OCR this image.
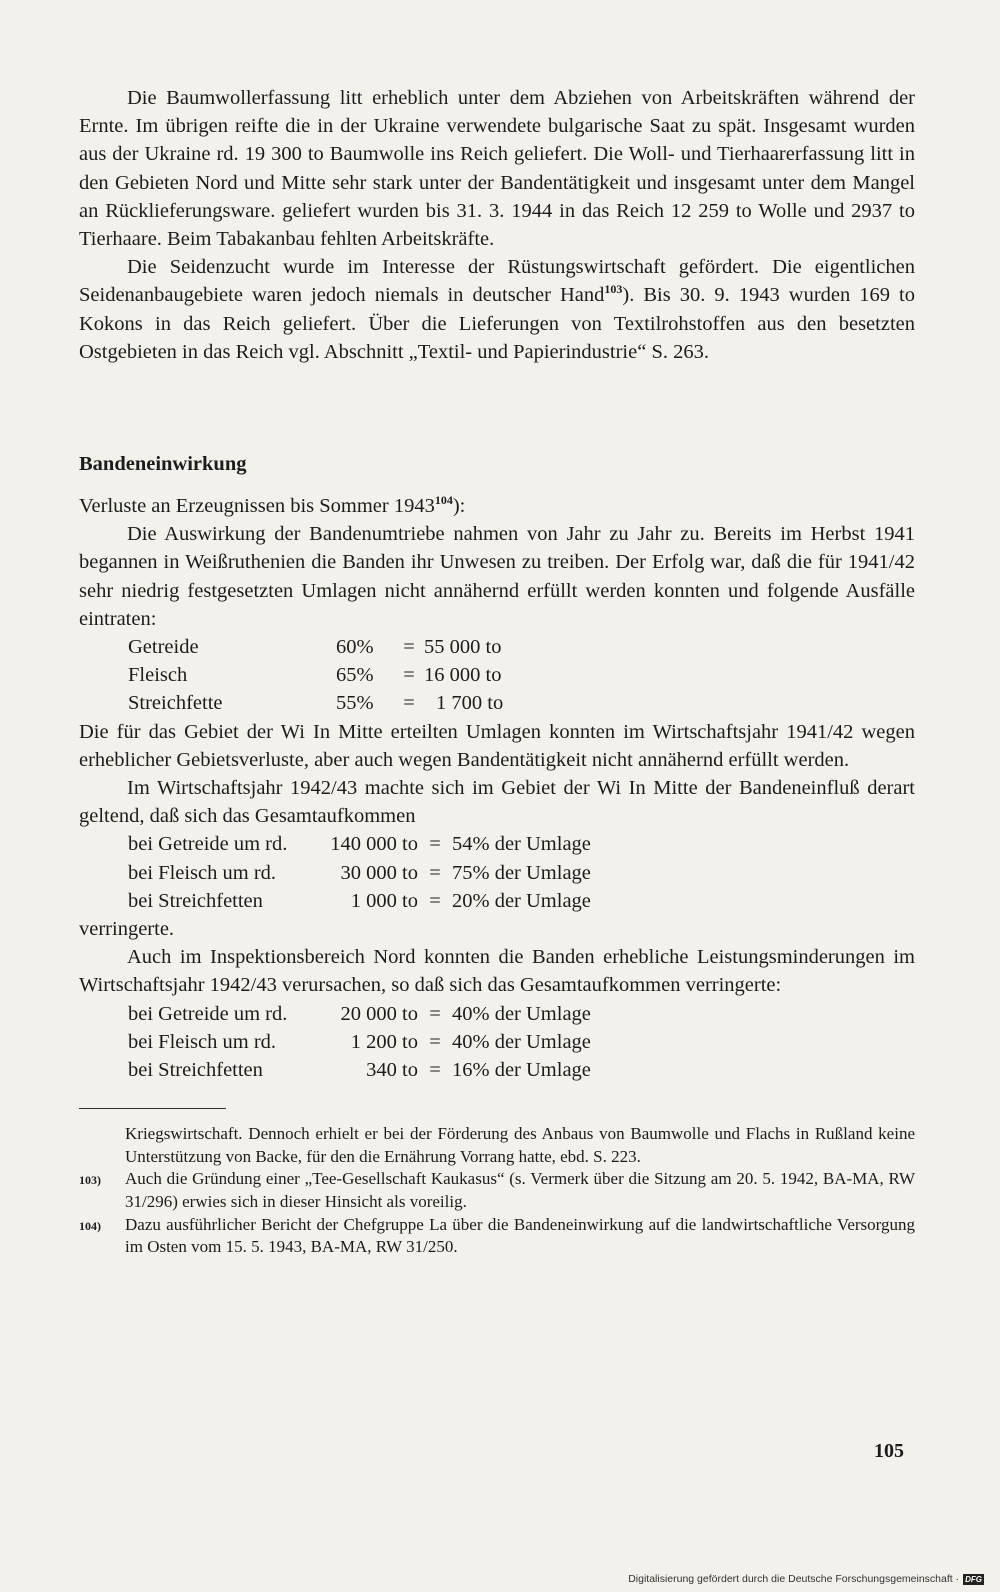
Die Baumwollerfassung litt erheblich unter dem Abziehen von Arbeitskräften während der Ernte. Im übrigen reifte die in der Ukraine verwendete bulgarische Saat zu spät. Insgesamt wurden aus der Ukraine rd. 19 300 to Baumwolle ins Reich geliefert. Die Woll- und Tierhaarerfassung litt in den Gebieten Nord und Mitte sehr stark unter der Bandentätigkeit und insgesamt unter dem Mangel an Rücklieferungsware. geliefert wurden bis 31. 3. 1944 in das Reich 12 259 to Wolle und 2937 to Tierhaare. Beim Tabakanbau fehlten Arbeitskräfte.

Die Seidenzucht wurde im Interesse der Rüstungswirtschaft gefördert. Die eigentlichen Seidenanbaugebiete waren jedoch niemals in deutscher Hand$^{103}$). Bis 30. 9. 1943 wurden 169 to Kokons in das Reich geliefert. Über die Lieferungen von Textilrohstoffen aus den besetzten Ostgebieten in das Reich vgl. Abschnitt „Textil- und Papierindustrie“ S. 263.

Bandeneinwirkung

Verluste an Erzeugnissen bis Sommer 1943$^{104}$):

Die Auswirkung der Bandenumtriebe nahmen von Jahr zu Jahr zu. Bereits im Herbst 1941 begannen in Weißruthenien die Banden ihr Unwesen zu treiben. Der Erfolg war, daß die für 1941/42 sehr niedrig festgesetzten Umlagen nicht annähernd erfüllt werden konnten und folgende Ausfälle eintraten:

Getreide	60%	= 55 000 to
Fleisch	65%	= 16 000 to
Streichfette	55%	=	1 700 to

Die für das Gebiet der Wi In Mitte erteilten Umlagen konnten im Wirtschaftsjahr 1941/42 wegen erheblicher Gebietsverluste, aber auch wegen Bandentätigkeit nicht annähernd erfüllt werden.

Im Wirtschaftsjahr 1942/43 machte sich im Gebiet der Wi In Mitte der Bandeneinfluß derart geltend, daß sich das Gesamtaufkommen

bei Getreide um rd.	140 000 to = 54% der Umlage
bei Fleisch um rd.	30 000 to = 75% der Umlage
bei Streichfetten	1 000 to = 20% der Umlage

verringerte.

Auch im Inspektionsbereich Nord konnten die Banden erhebliche Leistungsminderungen im Wirtschaftsjahr 1942/43 verursachen, so daß sich das Gesamtaufkommen verringerte:

bei Getreide um rd.	20 000 to = 40% der Umlage
bei Fleisch um rd.	1 200 to = 40% der Umlage
bei Streichfetten	340 to = 16% der Umlage
Kriegswirtschaft. Dennoch erhielt er bei der Förderung des Anbaus von Baumwolle und Flachs in Rußland keine Unterstützung von Backe, für den die Ernährung Vorrang hatte, ebd. S. 223.
103)	Auch die Gründung einer „Tee-Gesellschaft Kaukasus“ (s. Vermerk über die Sitzung am 20. 5. 1942, BA-MA, RW 31/296) erwies sich in dieser Hinsicht als voreilig.
104)	Dazu ausführlicher Bericht der Chefgruppe La über die Bandeneinwirkung auf die landwirtschaftliche Versorgung im Osten vom 15. 5. 1943, BA-MA, RW 31/250.
105
Digitalisierung gefördert durch die Deutsche Forschungsgemeinschaft · DFG
